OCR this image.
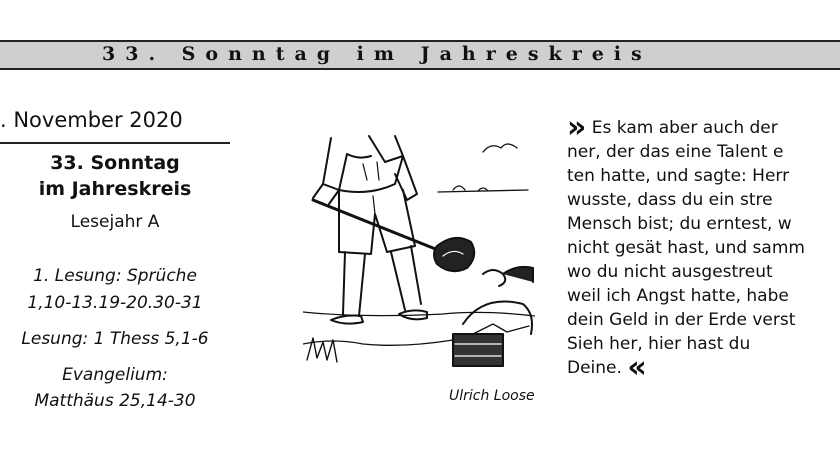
33. Sonntag im Jahreskreis
. November 2020
33. Sonntag
im Jahreskreis
Lesejahr A
1. Lesung: Sprüche
1,10-13.19-20.30-31
Lesung: 1 Thess 5,1-6
Evangelium:
Matthäus 25,14-30	Ulrich Loose
» Es kam aber auch der
ner, der das eine Talent e
ten hatte, und sagte: Herr
wusste, dass du ein stre
Mensch bist; du erntest, w
nicht gesät hast, und samm
wo du nicht ausgestreut
weil ich Angst hatte, habe
dein Geld in der Erde verst
Sieh her, hier hast du
Deine. «
